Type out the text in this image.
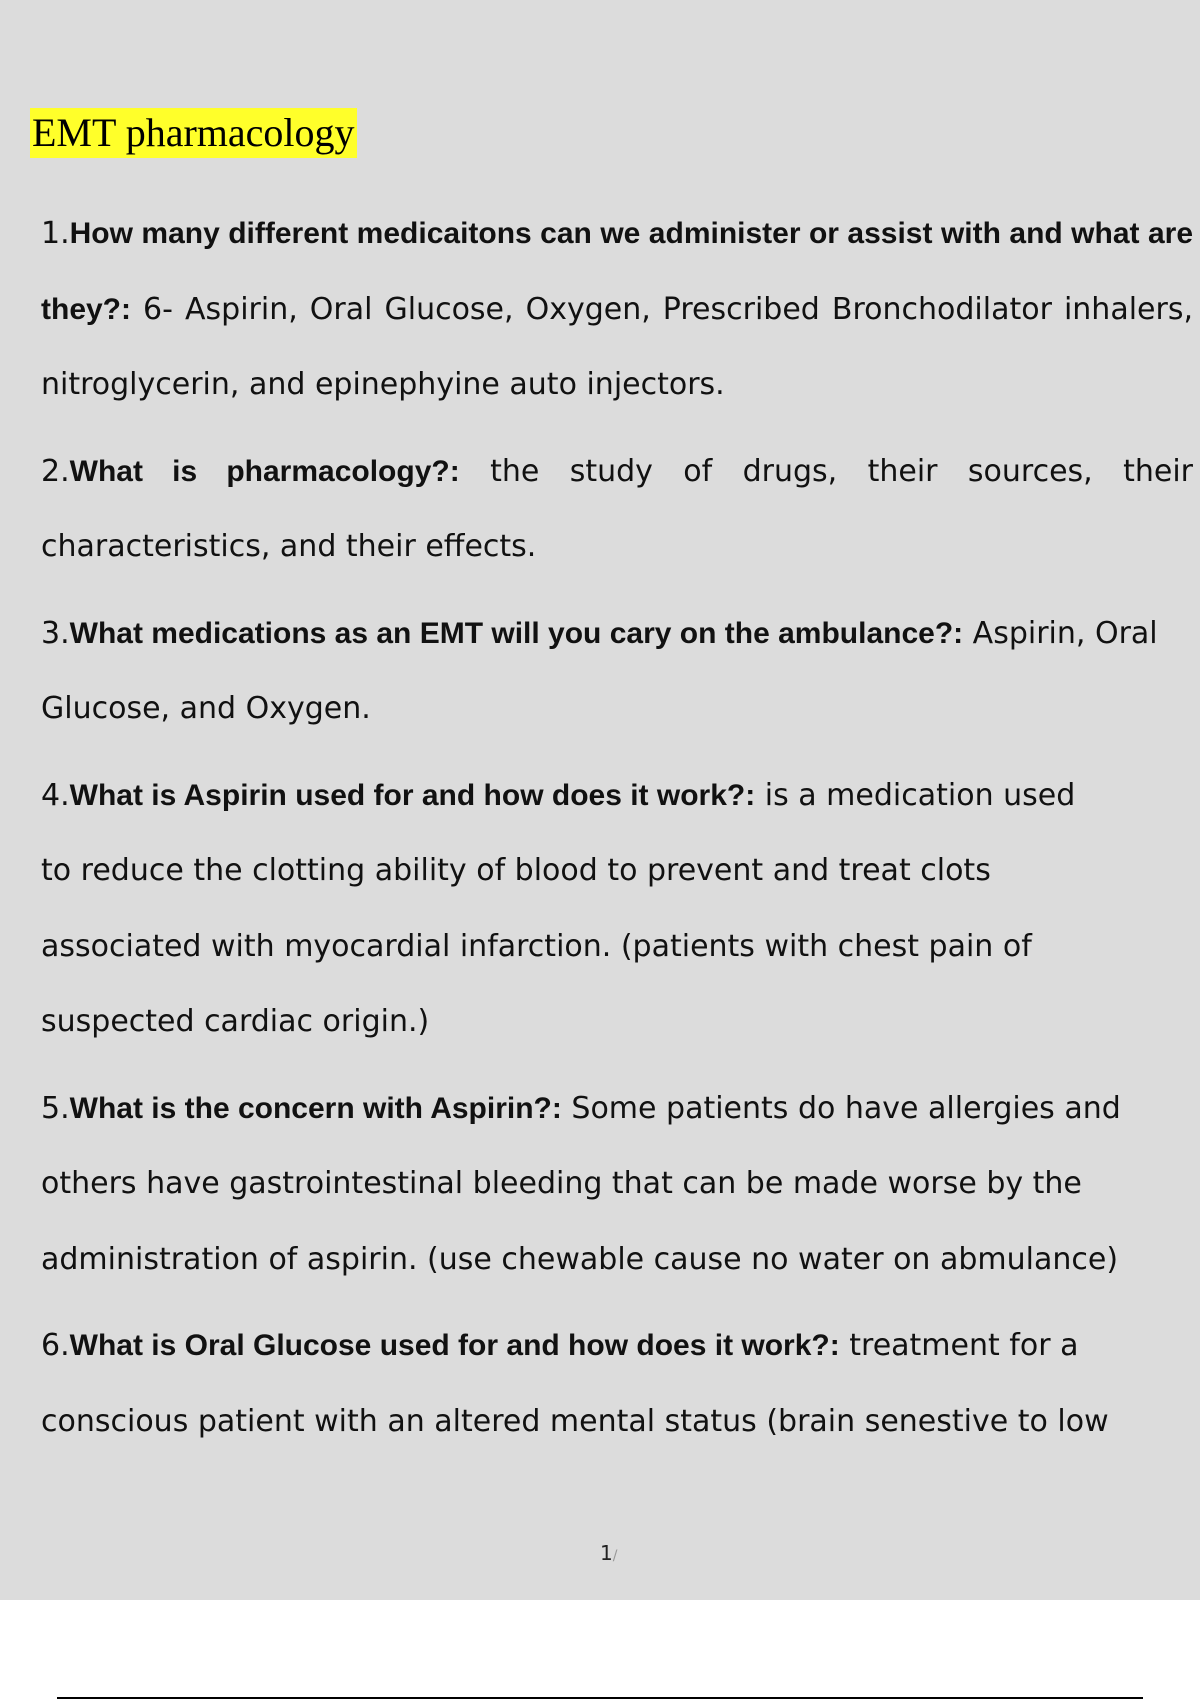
EMT pharmacology
1.How many different medicaitons can we administer or assist with and what are they?: 6- Aspirin, Oral Glucose, Oxygen, Prescribed Bronchodilator inhalers, nitroglycerin, and epinephyine auto injectors.
2.What is pharmacology?: the study of drugs, their sources, their characteristics, and their effects.
3.What medications as an EMT will you cary on the ambulance?: Aspirin, Oral Glucose, and Oxygen.
4.What is Aspirin used for and how does it work?: is a medication used to reduce the clotting ability of blood to prevent and treat clots associated with myocardial infarction. (patients with chest pain of suspected cardiac origin.)
5.What is the concern with Aspirin?: Some patients do have allergies and others have gastrointestinal bleeding that can be made worse by the administration of aspirin. (use chewable cause no water on abmulance)
6.What is Oral Glucose used for and how does it work?: treatment for a conscious patient with an altered mental status (brain senestive to low
1/
